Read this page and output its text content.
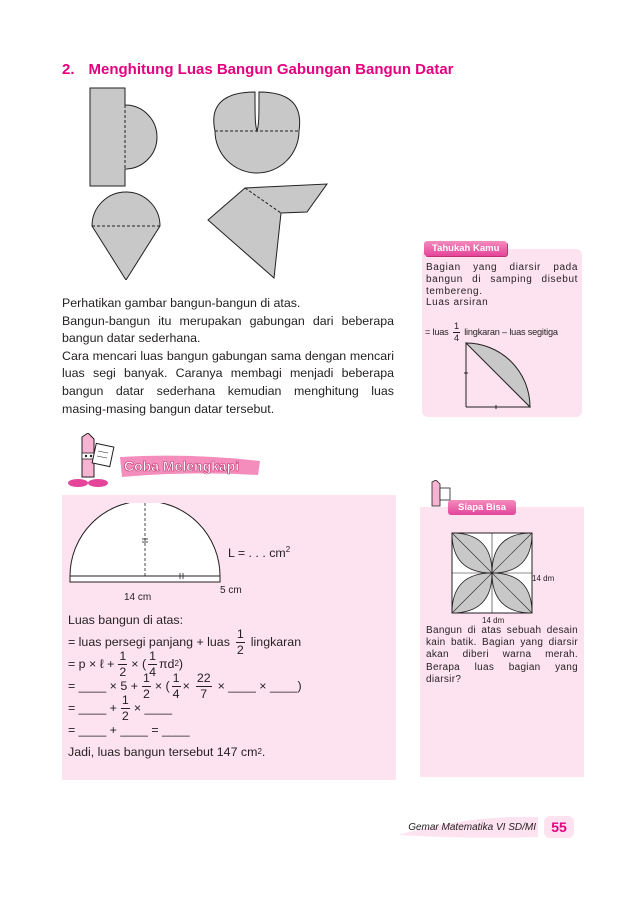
2. Menghitung Luas Bangun Gabungan Bangun Datar

Perhatikan gambar bangun-bangun di atas.

Bangun-bangun itu merupakan gabungan dari beberapa bangun datar sederhana.

Cara mencari luas bangun gabungan sama dengan mencari luas segi banyak. Caranya membagi menjadi beberapa bangun datar sederhana kemudian menghitung luas masing-masing bangun datar tersebut.

Tahukah Kamu

Bagian yang diarsir pada bangun di samping disebut tembereng.

Luas arsiran

= luas $\frac{1}{4}$ lingkaran – luas segitiga
Coba Melengkapi
L = . . . $cm^2$
14 cm
5 cm
Luas bangun di atas:
= luas persegi panjang + luas $\frac{1}{2}$ lingkaran
= p × ℓ + $\frac{1}{2}$ × ( $\frac{1}{4}$ πd 2 )
= ____ × $5 + \frac{1}{2}$ × ( $\frac{1}{4} \times \frac{22}{7}$ × ____ × ____)
= ____ + $\frac{1}{2}$ × ____
= ____ + ____ = ____
Jadi, luas bangun tersebut 147 cm 2 .
Siapa Bisa
14 dm
14 dm
Bangun di atas sebuah desain kain batik. Bagian yang diarsir akan diberi warna merah. Berapa luas bagian yang diarsir?
Gemar Matematika VI SD/MI	55
